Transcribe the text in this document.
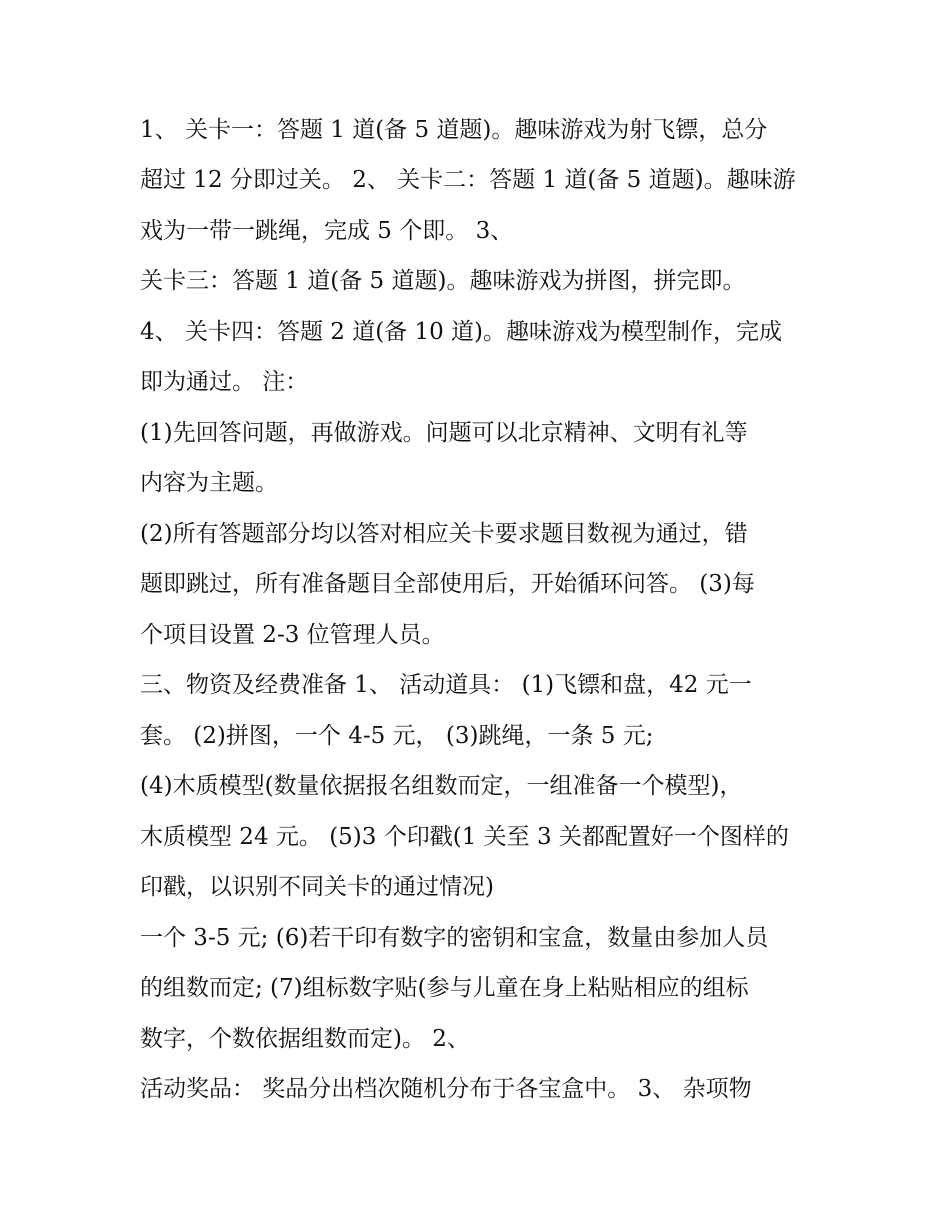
1、 关卡一：答题 1 道(备 5 道题)。趣味游戏为射飞镖，总分
超过 12 分即过关。 2、 关卡二：答题 1 道(备 5 道题)。趣味游
戏为一带一跳绳，完成 5 个即。 3、
关卡三：答题 1 道(备 5 道题)。趣味游戏为拼图，拼完即。
4、 关卡四：答题 2 道(备 10 道)。趣味游戏为模型制作，完成
即为通过。 注：
(1)先回答问题，再做游戏。问题可以北京精神、文明有礼等
内容为主题。
(2)所有答题部分均以答对相应关卡要求题目数视为通过，错
题即跳过，所有准备题目全部使用后，开始循环问答。 (3)每
个项目设置 2-3 位管理人员。
三、物资及经费准备 1、 活动道具： (1)飞镖和盘，42 元一
套。 (2)拼图，一个 4-5 元， (3)跳绳，一条 5 元;
(4)木质模型(数量依据报名组数而定，一组准备一个模型)，
木质模型 24 元。 (5)3 个印戳(1 关至 3 关都配置好一个图样的
印戳，以识别不同关卡的通过情况)
一个 3-5 元; (6)若干印有数字的密钥和宝盒，数量由参加人员
的组数而定; (7)组标数字贴(参与儿童在身上粘贴相应的组标
数字，个数依据组数而定)。 2、
活动奖品： 奖品分出档次随机分布于各宝盒中。 3、 杂项物
